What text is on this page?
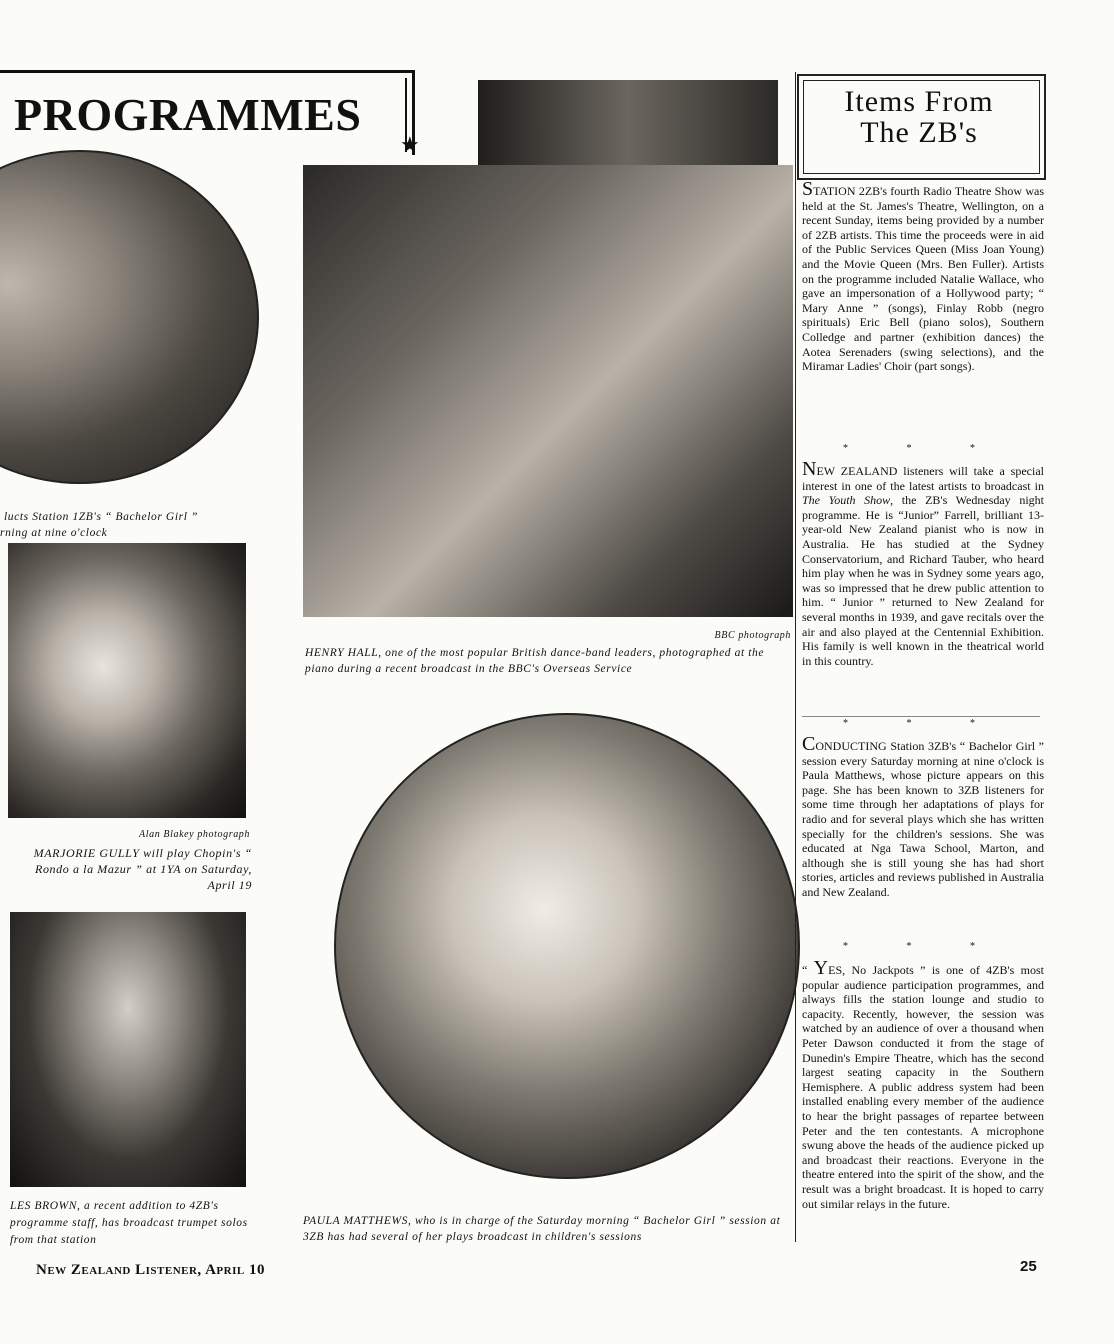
PROGRAMMES
★
lucts Station 1ZB's “ Bachelor Girl ”
rning at nine o'clock
Alan Blakey photograph
MARJORIE GULLY will play Chopin's “ Rondo a la Mazur ” at 1YA on Saturday, April 19
LES BROWN, a recent addition to 4ZB's programme staff, has broadcast trumpet solos from that station
BBC photograph
HENRY HALL, one of the most popular British dance-band leaders, photographed at the piano during a recent broadcast in the BBC's Overseas Service
PAULA MATTHEWS, who is in charge of the Saturday morning “ Bachelor Girl ” session at 3ZB has had several of her plays broadcast in children's sessions
Items From
The ZB's

STATION 2ZB's fourth Radio Theatre Show was held at the St. James's Theatre, Wellington, on a recent Sunday, items being provided by a number of 2ZB artists. This time the proceeds were in aid of the Public Services Queen (Miss Joan Young) and the Movie Queen (Mrs. Ben Fuller). Artists on the programme included Natalie Wallace, who gave an impersonation of a Hollywood party; “ Mary Anne ” (songs), Finlay Robb (negro spirituals) Eric Bell (piano solos), Southern Colledge and partner (exhibition dances) the Aotea Serenaders (swing selections), and the Miramar Ladies' Choir (part songs).

* * *

NEW ZEALAND listeners will take a special interest in one of the latest artists to broadcast in The Youth Show, the ZB's Wednesday night programme. He is “Junior” Farrell, brilliant 13-year-old New Zealand pianist who is now in Australia. He has studied at the Sydney Conservatorium, and Richard Tauber, who heard him play when he was in Sydney some years ago, was so impressed that he drew public attention to him. “ Junior ” returned to New Zealand for several months in 1939, and gave recitals over the air and also played at the Centennial Exhibition. His family is well known in the theatrical world in this country.

* * *

CONDUCTING Station 3ZB's “ Bachelor Girl ” session every Saturday morning at nine o'clock is Paula Matthews, whose picture appears on this page. She has been known to 3ZB listeners for some time through her adaptations of plays for radio and for several plays which she has written specially for the children's sessions. She was educated at Nga Tawa School, Marton, and although she is still young she has had short stories, articles and reviews published in Australia and New Zealand.

* * *

“ YES, No Jackpots ” is one of 4ZB's most popular audience participation programmes, and always fills the station lounge and studio to capacity. Recently, however, the session was watched by an audience of over a thousand when Peter Dawson conducted it from the stage of Dunedin's Empire Theatre, which has the second largest seating capacity in the Southern Hemisphere. A public address system had been installed enabling every member of the audience to hear the bright passages of repartee between Peter and the ten contestants. A microphone swung above the heads of the audience picked up and broadcast their reactions. Everyone in the theatre entered into the spirit of the show, and the result was a bright broadcast. It is hoped to carry out similar relays in the future.

New Zealand Listener, April 10	25
